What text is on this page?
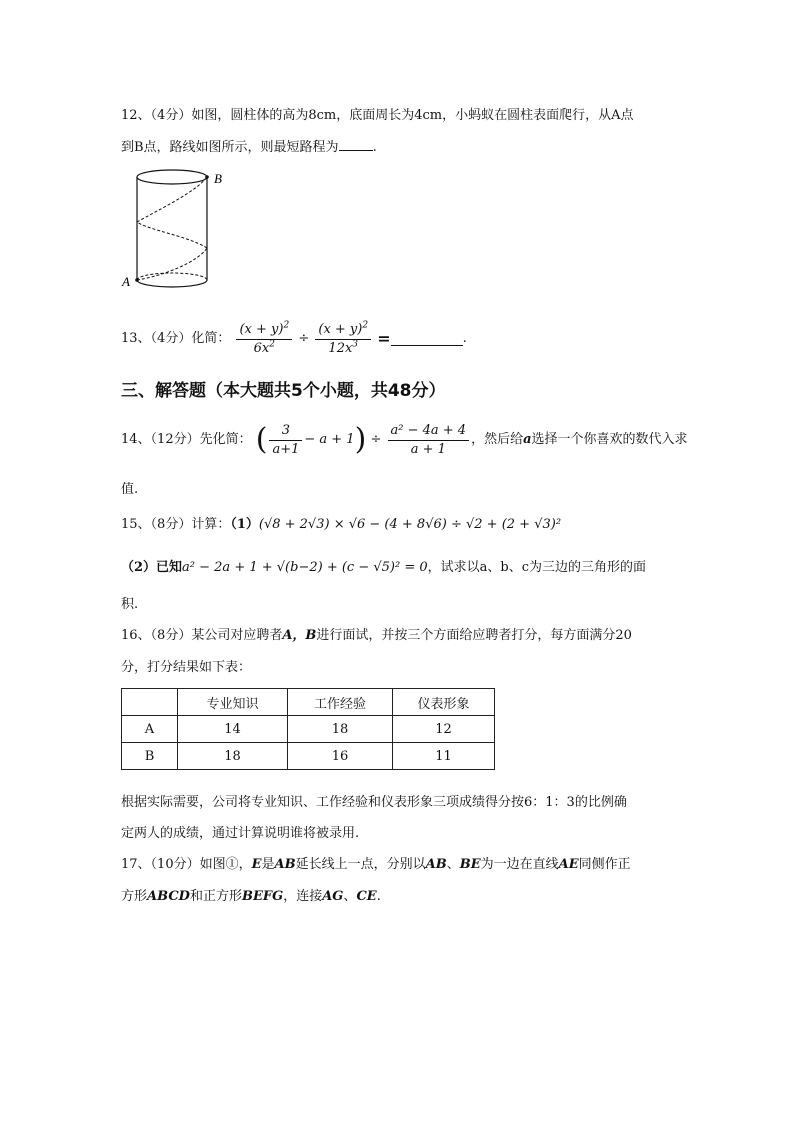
12、（4分）如图，圆柱体的高为8cm，底面周长为4cm，小蚂蚁在圆柱表面爬行，从A点
到B点，路线如图所示，则最短路程为	.
B
A
13、（4分）化简： $\frac{(x + y)^2}{6x^2} \div \frac{(x + y)^2}{12x^3}$ =	.
三、解答题（本大题共5个小题，共48分）
14、（12分）先化简： ( $\frac{3}{a+1} - a + 1) \div \frac{\text{a² − 4a + 4}}{a + 1}$ ，然后给a选择一个你喜欢的数代入求
值.
15、（8分）计算：（1）(√8 + 2√3) × √6 − (4 + 8√6) ÷ √2 + (2 + √3)²
（2）已知a² − 2a + 1 + √(b−2) + (c − √5)² = 0，试求以a、b、c为三边的三角形的面
积.
16、（8分）某公司对应聘者A，B进行面试，并按三个方面给应聘者打分，每方面满分20
分，打分结果如下表：
	专业知识	工作经验	仪表形象
A	14	18	12
B	18	16	11
根据实际需要，公司将专业知识、工作经验和仪表形象三项成绩得分按6：1：3的比例确
定两人的成绩，通过计算说明谁将被录用.
17、（10分）如图①，E是AB延长线上一点，分别以AB、BE为一边在直线AE同侧作正
方形ABCD和正方形BEFG，连接AG、CE.
